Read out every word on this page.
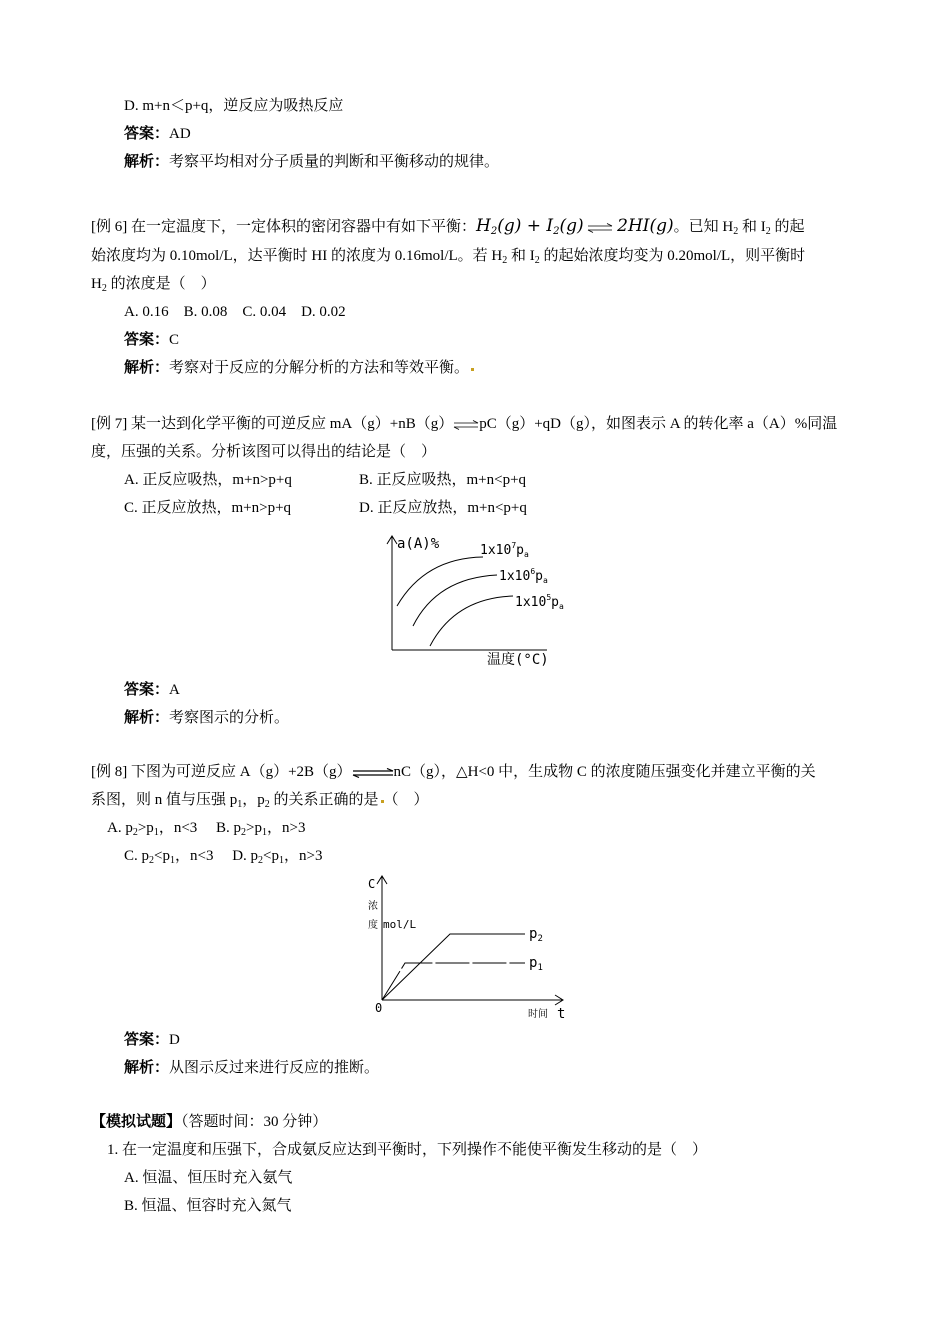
D. m+n＜p+q，逆反应为吸热反应
答案：AD
解析：考察平均相对分子质量的判断和平衡移动的规律。
[例 6] 在一定温度下，一定体积的密闭容器中有如下平衡：$H_2(g) + I_2(g)$ ⇌ 2HI(g)。已知 $H_2$ 和 $I_2$ 的起
始浓度均为 0.10mol/L，达平衡时 HI 的浓度为 0.16mol/L。若 $H_2$ 和 $I_2$ 的起始浓度均变为 0.20mol/L，则平衡时
$H_2$ 的浓度是（　）
A. 0.16　B. 0.08　C. 0.04　D. 0.02
答案：C
解析：考察对于反应的分解分析的方法和等效平衡。
[例 7] 某一达到化学平衡的可逆反应 mA（g）+nB（g）⇌pC（g）+qD（g），如图表示 A 的转化率 a（A）%同温
度，压强的关系。分析该图可以得出的结论是（　）
A. 正反应吸热，m+n>p+q	B. 正反应吸热，m+n<p+q
C. 正反应放热，m+n>p+q	D. 正反应放热，m+n<p+q
a(A)%
温度(°C)
$1x10^7p_a$
$1x10^6p_a$
$1x10^5p_a$
答案：A
解析：考察图示的分析。
[例 8] 下图为可逆反应 A（g）+2B（g）⇌nC（g），△H<0 中，生成物 C 的浓度随压强变化并建立平衡的关
系图，则 n 值与压强 $p_1$，$p_2$ 的关系正确的是 （　）
A. $p_2>p_1$，n<3　 B. $p_2>p_1$，n>3
C. $p_2<p_1$，n<3　 D. $p_2<p_1$，n>3
C
浓
度 mol/L
0	时间 t
$p_2$
$p_1$
答案：D
解析：从图示反过来进行反应的推断。
【模拟试题】（答题时间：30 分钟）
1. 在一定温度和压强下，合成氨反应达到平衡时，下列操作不能使平衡发生移动的是（　）
A. 恒温、恒压时充入氨气
B. 恒温、恒容时充入氮气
